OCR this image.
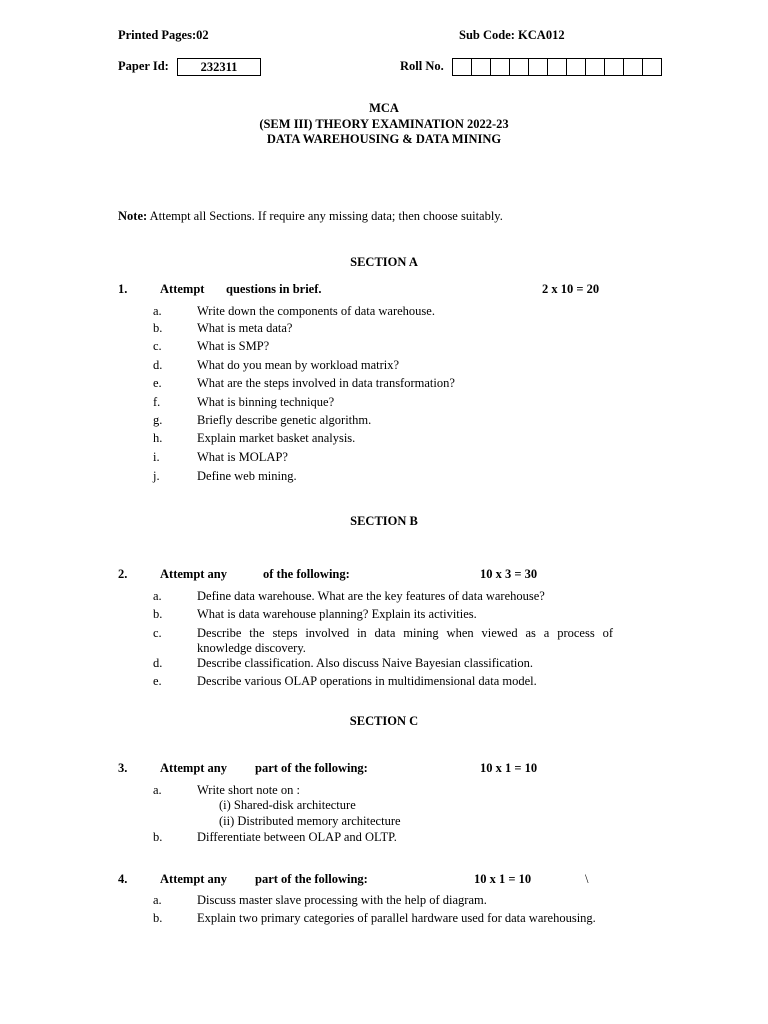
Printed Pages:02	Sub Code: KCA012
Paper Id:	232311	Roll No.
MCA
(SEM III) THEORY EXAMINATION 2022-23
DATA WAREHOUSING & DATA MINING
Note: Attempt all Sections. If require any missing data; then choose suitably.
SECTION A
1.	Attempt questions in brief.	2 x 10 = 20
a.	Write down the components of data warehouse.
b.	What is meta data?
c.	What is SMP?
d.	What do you mean by workload matrix?
e.	What are the steps involved in data transformation?
f.	What is binning technique?
g.	Briefly describe genetic algorithm.
h.	Explain market basket analysis.
i.	What is MOLAP?
j.	Define web mining.
SECTION B
2.	Attempt any	of the following:	10 x 3 = 30
a.	Define data warehouse. What are the key features of data warehouse?
b.	What is data warehouse planning? Explain its activities.
c.	Describe the steps involved in data mining when viewed as a process of knowledge discovery.
d.	Describe classification. Also discuss Naive Bayesian classification.
e.	Describe various OLAP operations in multidimensional data model.
SECTION C
3.	Attempt any part of the following:	10 x 1 = 10
a.	Write short note on :
(i) Shared-disk architecture
(ii) Distributed memory architecture
b.	Differentiate between OLAP and OLTP.
4.	Attempt any part of the following:	10 x 1 = 10	\
a.	Discuss master slave processing with the help of diagram.
b.	Explain two primary categories of parallel hardware used for data warehousing.
